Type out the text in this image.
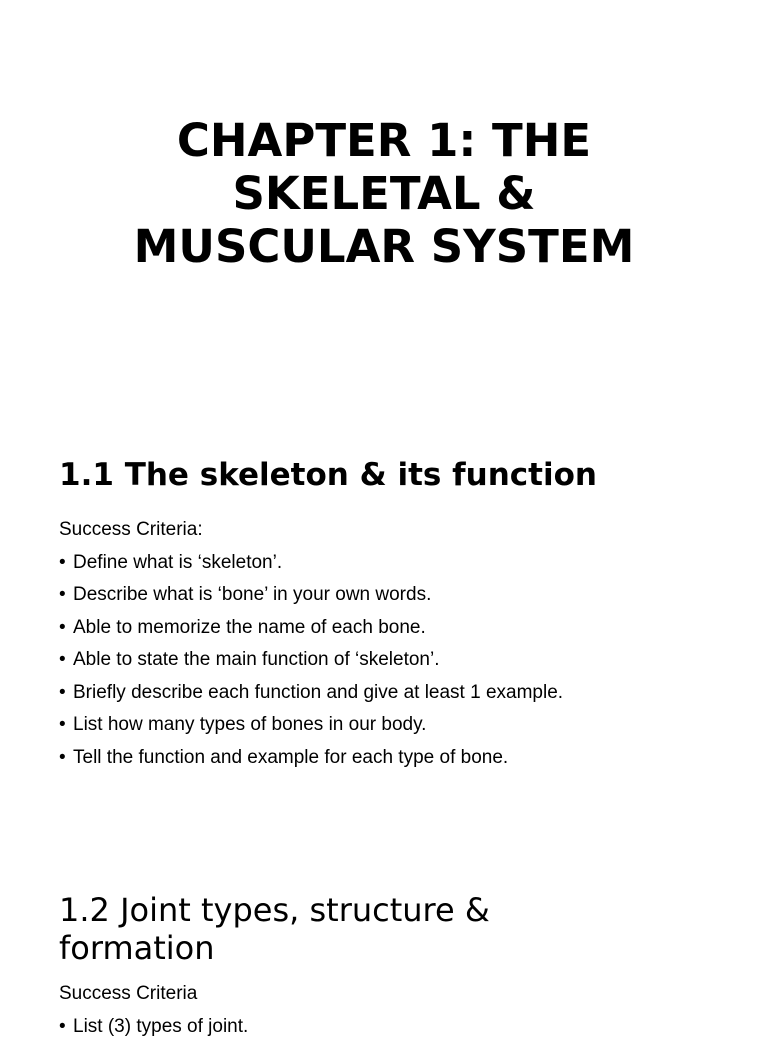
CHAPTER 1: THE
SKELETAL &
MUSCULAR SYSTEM
1.1 The skeleton & its function
Success Criteria:
• Define what is ‘skeleton’.
• Describe what is ‘bone’ in your own words.
• Able to memorize the name of each bone.
• Able to state the main function of ‘skeleton’.
• Briefly describe each function and give at least 1 example.
• List how many types of bones in our body.
• Tell the function and example for each type of bone.
1.2 Joint types, structure &
formation
Success Criteria
• List (3) types of joint.
